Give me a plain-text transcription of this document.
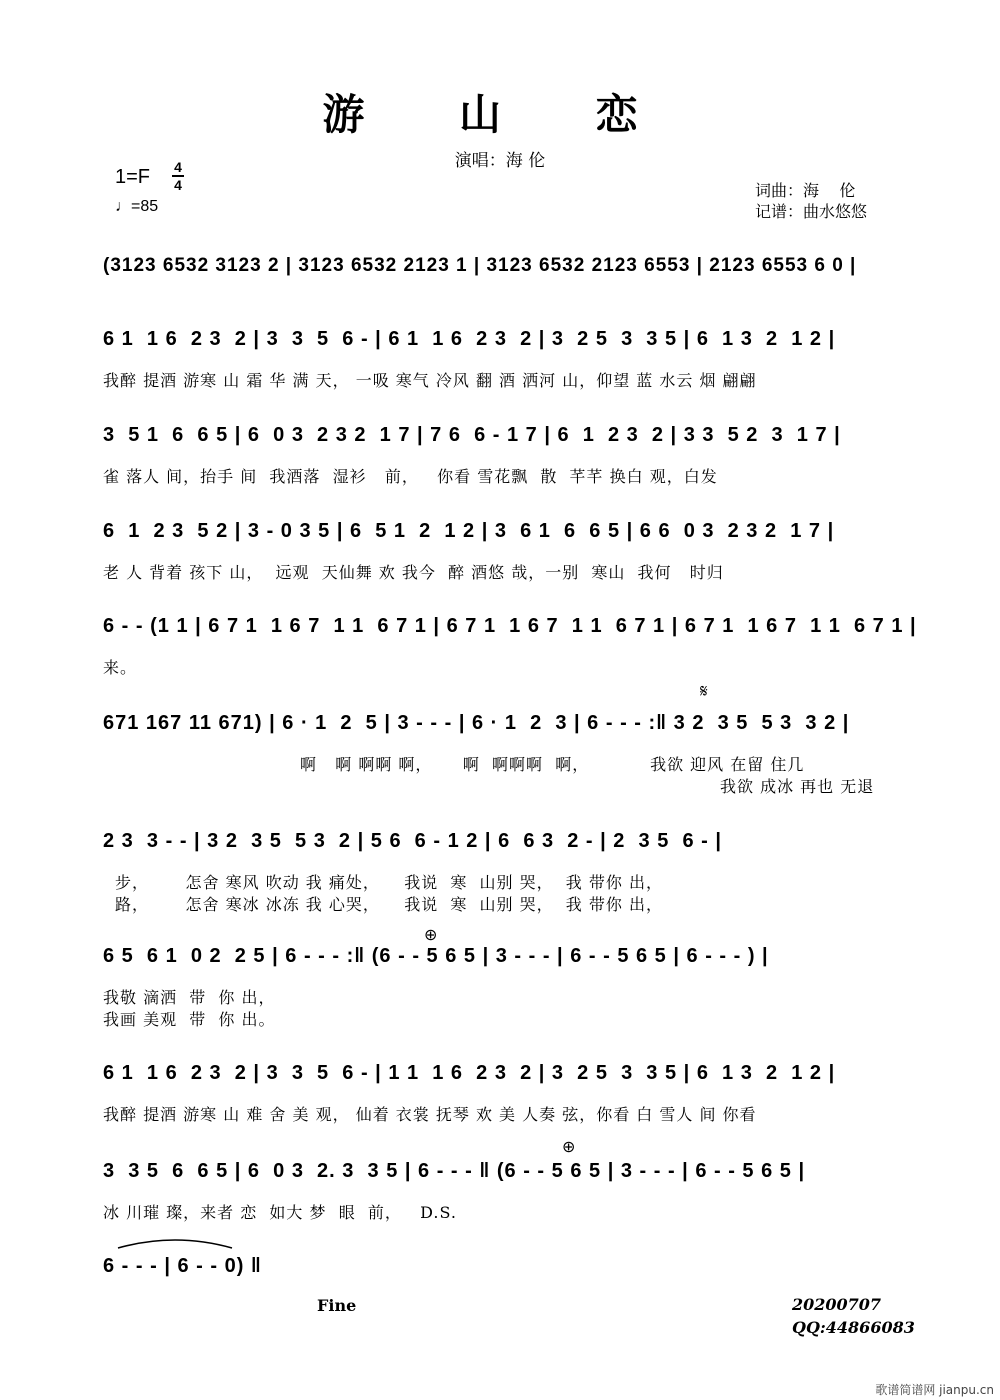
游 山 恋
演唱：海 伦
1=F 4
4
♩=85
词曲：海    伦
记谱：曲水悠悠
(3123 6532 3123 2 | 3123 6532 2123 1 | 3123 6532 2123 6553 | 2123 6553 6 0 |
6 1  1 6  2 3  2 | 3  3  5  6 - | 6 1  1 6  2 3  2 | 3  2 5  3  3 5 | 6  1 3  2  1 2 |
我醉 提酒 游寒 山 霜 华 满 天， 一吸 寒气 冷风 翻 酒 洒河 山，仰望 蓝 水云 烟 翩翩
3  5 1  6  6 5 | 6  0 3  2 3 2  1 7 | 7 6  6 - 1 7 | 6  1  2 3  2 | 3 3  5 2  3  1 7 |
雀 落人 间，抬手 间  我酒落  湿衫   前，   你看 雪花飘  散  芊芊 换白 观，白发
6  1  2 3  5 2 | 3 - 0 3 5 | 6  5 1  2  1 2 | 3  6 1  6  6 5 | 6 6  0 3  2 3 2  1 7 |
老 人 背着 孩下 山，  远观  天仙舞 欢 我今  醉 酒悠 哉，一别  寒山  我何   时归
6 - - (1 1 | 6 7 1  1 6 7  1 1  6 7 1 | 6 7 1  1 6 7  1 1  6 7 1 | 6 7 1  1 6 7  1 1  6 7 1 |
来。
671 167 11 671) | 6 · 1  2  5 | 3 - - - | 6 · 1  2  3 | 6 - - - :‖ 3 2  3 5  5 3  3 2 |
啊   啊 啊啊 啊，     啊  啊啊啊  啊，          我欲 迎风 在留 住几
我欲 成冰 再也 无退
2 3  3 - - | 3 2  3 5  5 3  2 | 5 6  6 - 1 2 | 6  6 3  2 - | 2  3 5  6 - |
步，      怎舍 寒风 吹动 我 痛处，    我说  寒  山别 哭，  我 带你 出，
路，      怎舍 寒冰 冰冻 我 心哭，    我说  寒  山别 哭，  我 带你 出，
6 5  6 1  0 2  2 5 | 6 - - - :‖ (6 - - 5 6 5 | 3 - - - | 6 - - 5 6 5 | 6 - - - ) |
我敬 滴洒  带  你 出，
我画 美观  带  你 出。
6 1  1 6  2 3  2 | 3  3  5  6 - | 1 1  1 6  2 3  2 | 3  2 5  3  3 5 | 6  1 3  2  1 2 |
我醉 提酒 游寒 山 难 舍 美 观， 仙着 衣裳 抚琴 欢 美 人奏 弦，你看 白 雪人 间 你看
3  3 5  6  6 5 | 6  0 3  2. 3  3 5 | 6 - - - ‖ (6 - - 5 6 5 | 3 - - - | 6 - - 5 6 5 |
冰 川璀 璨，来者 恋  如大 梦  眼  前，   D.S.
6 - - - | 6 - - 0) ‖
𝄋
⊕
⊕
Fine	20200707
QQ:44866083
歌谱简谱网 jianpu.cn
